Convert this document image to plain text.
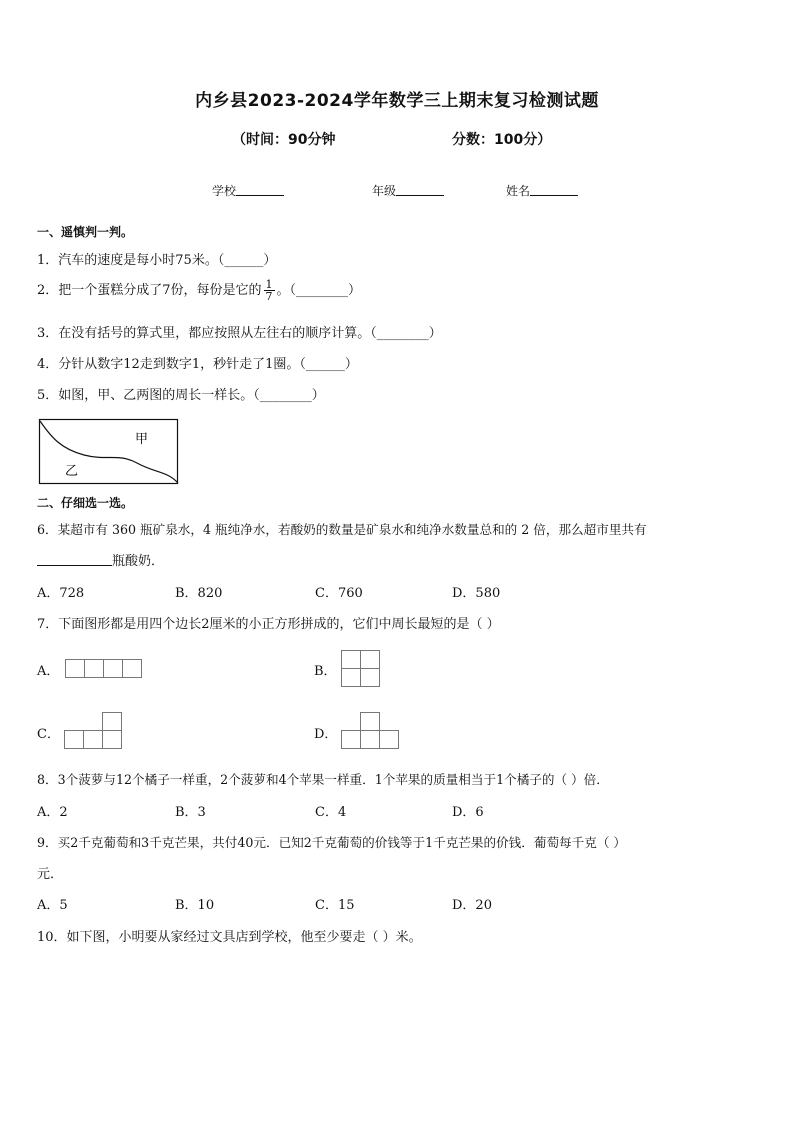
内乡县2023-2024学年数学三上期末复习检测试题
（时间：90分钟	分数：100分）
学校	年级	姓名
一、遥慎判一判。
1．汽车的速度是每小时75米。（______）
2．把一个蛋糕分成了7份，每份是它的 $\frac{1}{7}$ 。（________）
3．在没有括号的算式里，都应按照从左往右的顺序计算。（________）
4．分针从数字12走到数字1，秒针走了1圈。（______）
5．如图，甲、乙两图的周长一样长。（________）
甲
乙
二、仔细选一选。
6．某超市有 360 瓶矿泉水，4 瓶纯净水，若酸奶的数量是矿泉水和纯净水数量总和的 2 倍，那么超市里共有
瓶酸奶．
A．728	B．820	C．760	D．580
7．下面图形都是用四个边长2厘米的小正方形拼成的，它们中周长最短的是（ ）
A．	B．
C．	D．
8．3个菠萝与12个橘子一样重，2个菠萝和4个苹果一样重．1个苹果的质量相当于1个橘子的（ ）倍．
A．2	B．3	C．4	D．6
9．买2千克葡萄和3千克芒果，共付40元．已知2千克葡萄的价钱等于1千克芒果的价钱．葡萄每千克（ ）
元．
A．5	B．10	C．15	D．20
10．如下图，小明要从家经过文具店到学校，他至少要走（ ）米。
